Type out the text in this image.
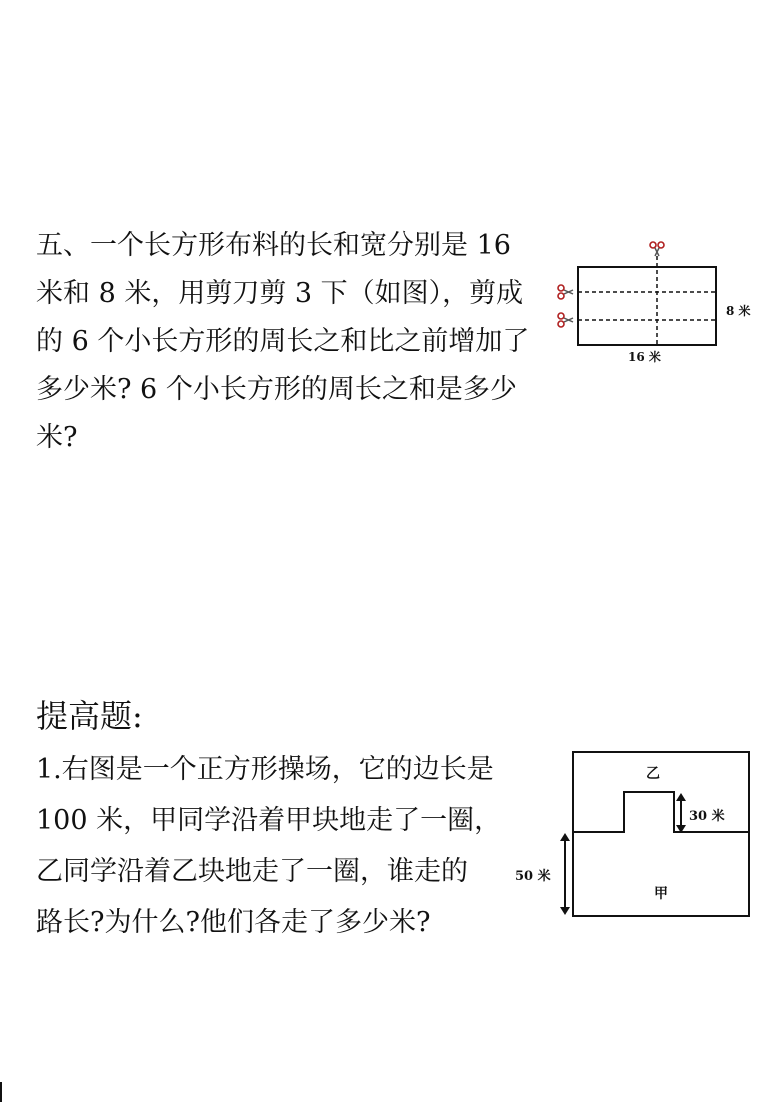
五、一个长方形布料的长和宽分别是 16
米和 8 米，用剪刀剪 3 下（如图），剪成
的 6 个小长方形的周长之和比之前增加了
多少米? 6 个小长方形的周长之和是多少
米?
8 米
16 米
提高题:
1.右图是一个正方形操场，它的边长是
100 米，甲同学沿着甲块地走了一圈，
乙同学沿着乙块地走了一圈，谁走的
路长?为什么?他们各走了多少米?
乙
甲
30 米
50 米
